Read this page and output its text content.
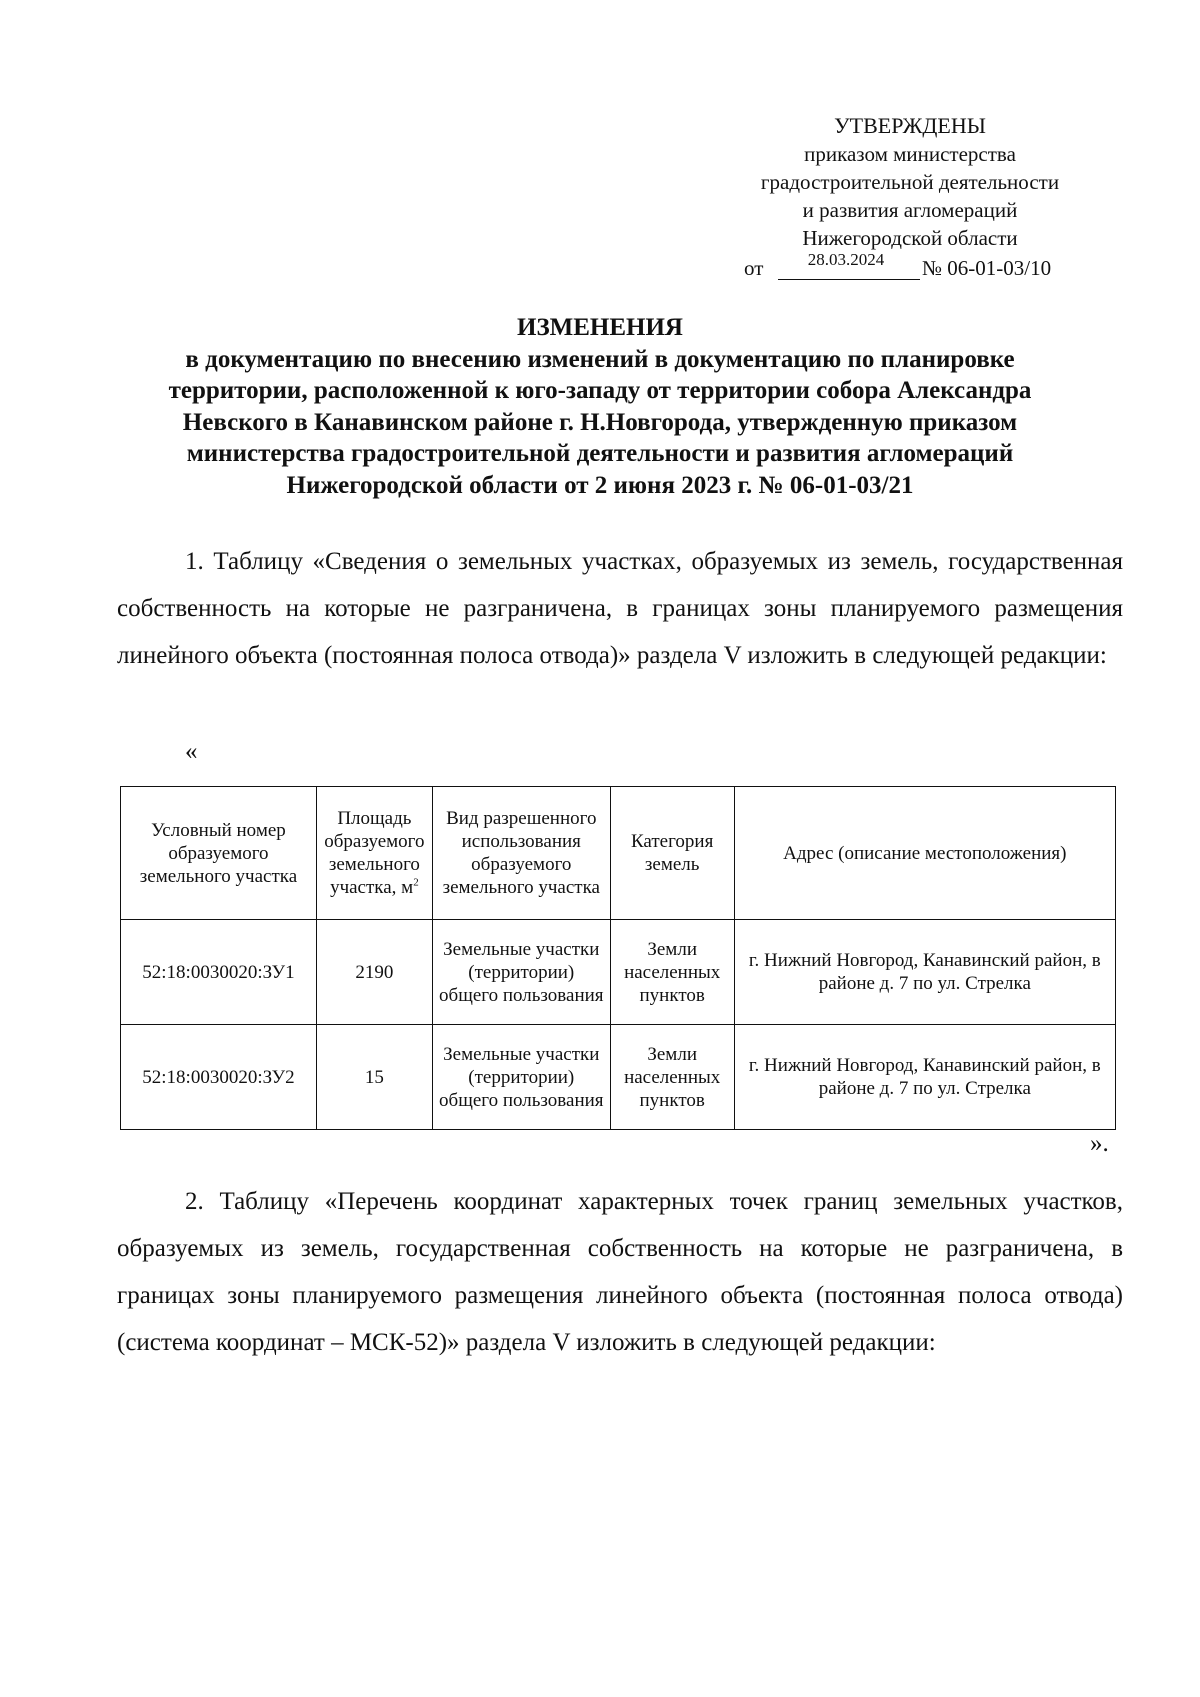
УТВЕРЖДЕНЫ
приказом министерства
градостроительной деятельности
и развития агломераций
Нижегородской области
от	28.03.2024	№ 06-01-03/10
ИЗМЕНЕНИЯ
в документацию по внесению изменений в документацию по планировке
территории, расположенной к юго-западу от территории собора Александра
Невского в Канавинском районе г. Н.Новгорода, утвержденную приказом
министерства градостроительной деятельности и развития агломераций
Нижегородской области от 2 июня 2023 г. № 06-01-03/21
1. Таблицу «Сведения о земельных участках, образуемых из земель, государственная собственность на которые не разграничена, в границах зоны планируемого размещения линейного объекта (постоянная полоса отвода)» раздела V изложить в следующей редакции:
«
Условный номер образуемого земельного участка	Площадь образуемого земельного участка, $м^2$	Вид разрешенного использования образуемого земельного участка	Категория земель	Адрес (описание местоположения)
52:18:0030020:ЗУ1	2190	Земельные участки (территории) общего пользования	Земли населенных пунктов	г. Нижний Новгород, Канавинский район, в районе д. 7 по ул. Стрелка
52:18:0030020:ЗУ2	15	Земельные участки (территории) общего пользования	Земли населенных пунктов	г. Нижний Новгород, Канавинский район, в районе д. 7 по ул. Стрелка
».
2. Таблицу «Перечень координат характерных точек границ земельных участков, образуемых из земель, государственная собственность на которые не разграничена, в границах зоны планируемого размещения линейного объекта (постоянная полоса отвода) (система координат – МСК-52)» раздела V изложить в следующей редакции:
